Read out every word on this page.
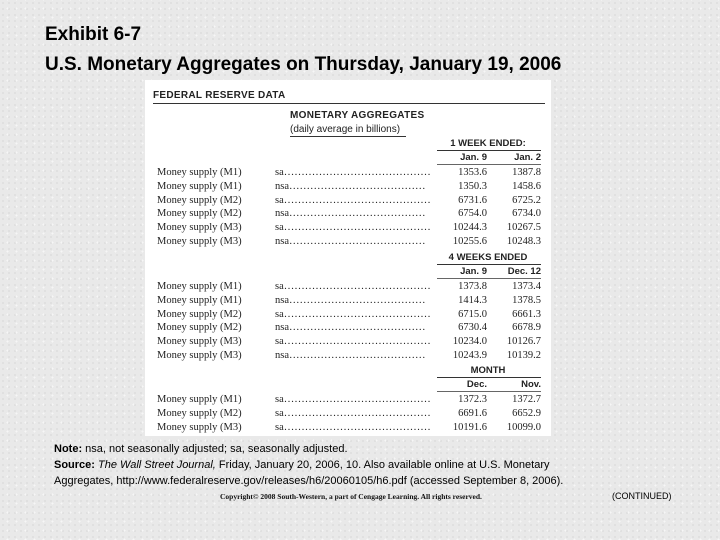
Exhibit 6-7
U.S. Monetary Aggregates on Thursday, January 19, 2006
FEDERAL RESERVE DATA
MONETARY AGGREGATES
(daily average in billions)
1 WEEK ENDED:
Jan. 9	Jan. 2
Money supply (M1)	sa……………………………………	1353.6	1387.8
Money supply (M1)	nsa…………………………………	1350.3	1458.6
Money supply (M2)	sa……………………………………	6731.6	6725.2
Money supply (M2)	nsa…………………………………	6754.0	6734.0
Money supply (M3)	sa……………………………………	10244.3	10267.5
Money supply (M3)	nsa…………………………………	10255.6	10248.3
4 WEEKS ENDED
Jan. 9	Dec. 12
Money supply (M1)	sa……………………………………	1373.8	1373.4
Money supply (M1)	nsa…………………………………	1414.3	1378.5
Money supply (M2)	sa……………………………………	6715.0	6661.3
Money supply (M2)	nsa…………………………………	6730.4	6678.9
Money supply (M3)	sa……………………………………	10234.0	10126.7
Money supply (M3)	nsa…………………………………	10243.9	10139.2
MONTH
Dec.	Nov.
Money supply (M1)	sa……………………………………	1372.3	1372.7
Money supply (M2)	sa……………………………………	6691.6	6652.9
Money supply (M3)	sa……………………………………	10191.6	10099.0

Note: nsa, not seasonally adjusted; sa, seasonally adjusted.

Source: The Wall Street Journal, Friday, January 20, 2006, 10. Also available online at U.S. Monetary

Aggregates, http://www.federalreserve.gov/releases/h6/20060105/h6.pdf (accessed September 8, 2006).

Copyright© 2008 South-Western, a part of Cengage Learning. All rights reserved.	(CONTINUED)
